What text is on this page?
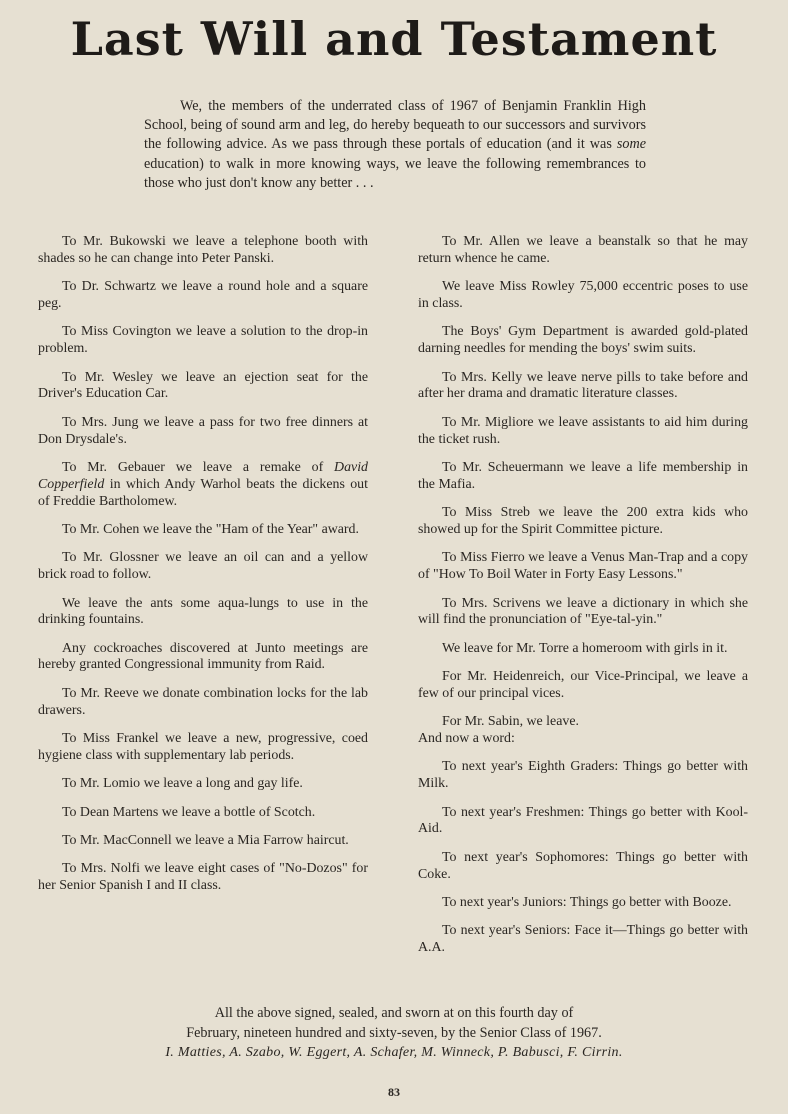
Last Will and Testament

We, the members of the underrated class of 1967 of Benjamin Franklin High School, being of sound arm and leg, do hereby bequeath to our successors and survivors the following advice. As we pass through these portals of education (and it was some education) to walk in more knowing ways, we leave the following remembrances to those who just don't know any better . . .

To Mr. Bukowski we leave a telephone booth with shades so he can change into Peter Panski.

To Dr. Schwartz we leave a round hole and a square peg.

To Miss Covington we leave a solution to the drop-in problem.

To Mr. Wesley we leave an ejection seat for the Driver's Education Car.

To Mrs. Jung we leave a pass for two free dinners at Don Drysdale's.

To Mr. Gebauer we leave a remake of David Copperfield in which Andy Warhol beats the dickens out of Freddie Bartholomew.

To Mr. Cohen we leave the "Ham of the Year" award.

To Mr. Glossner we leave an oil can and a yellow brick road to follow.

We leave the ants some aqua-lungs to use in the drinking fountains.

Any cockroaches discovered at Junto meetings are hereby granted Congressional immunity from Raid.

To Mr. Reeve we donate combination locks for the lab drawers.

To Miss Frankel we leave a new, progressive, coed hygiene class with supplementary lab periods.

To Mr. Lomio we leave a long and gay life.

To Dean Martens we leave a bottle of Scotch.

To Mr. MacConnell we leave a Mia Farrow haircut.

To Mrs. Nolfi we leave eight cases of "No-Dozos" for her Senior Spanish I and II class.

To Mr. Allen we leave a beanstalk so that he may return whence he came.

We leave Miss Rowley 75,000 eccentric poses to use in class.

The Boys' Gym Department is awarded gold-plated darning needles for mending the boys' swim suits.

To Mrs. Kelly we leave nerve pills to take before and after her drama and dramatic literature classes.

To Mr. Migliore we leave assistants to aid him during the ticket rush.

To Mr. Scheuermann we leave a life membership in the Mafia.

To Miss Streb we leave the 200 extra kids who showed up for the Spirit Committee picture.

To Miss Fierro we leave a Venus Man-Trap and a copy of "How To Boil Water in Forty Easy Lessons."

To Mrs. Scrivens we leave a dictionary in which she will find the pronunciation of "Eye-tal-yin."

We leave for Mr. Torre a homeroom with girls in it.

For Mr. Heidenreich, our Vice-Principal, we leave a few of our principal vices.

For Mr. Sabin, we leave.

And now a word:

To next year's Eighth Graders: Things go better with Milk.

To next year's Freshmen: Things go better with Kool-Aid.

To next year's Sophomores: Things go better with Coke.

To next year's Juniors: Things go better with Booze.

To next year's Seniors: Face it—Things go better with A.A.

All the above signed, sealed, and sworn at on this fourth day of
February, nineteen hundred and sixty-seven, by the Senior Class of 1967.
I. Matties, A. Szabo, W. Eggert, A. Schafer, M. Winneck, P. Babusci, F. Cirrin.
83
